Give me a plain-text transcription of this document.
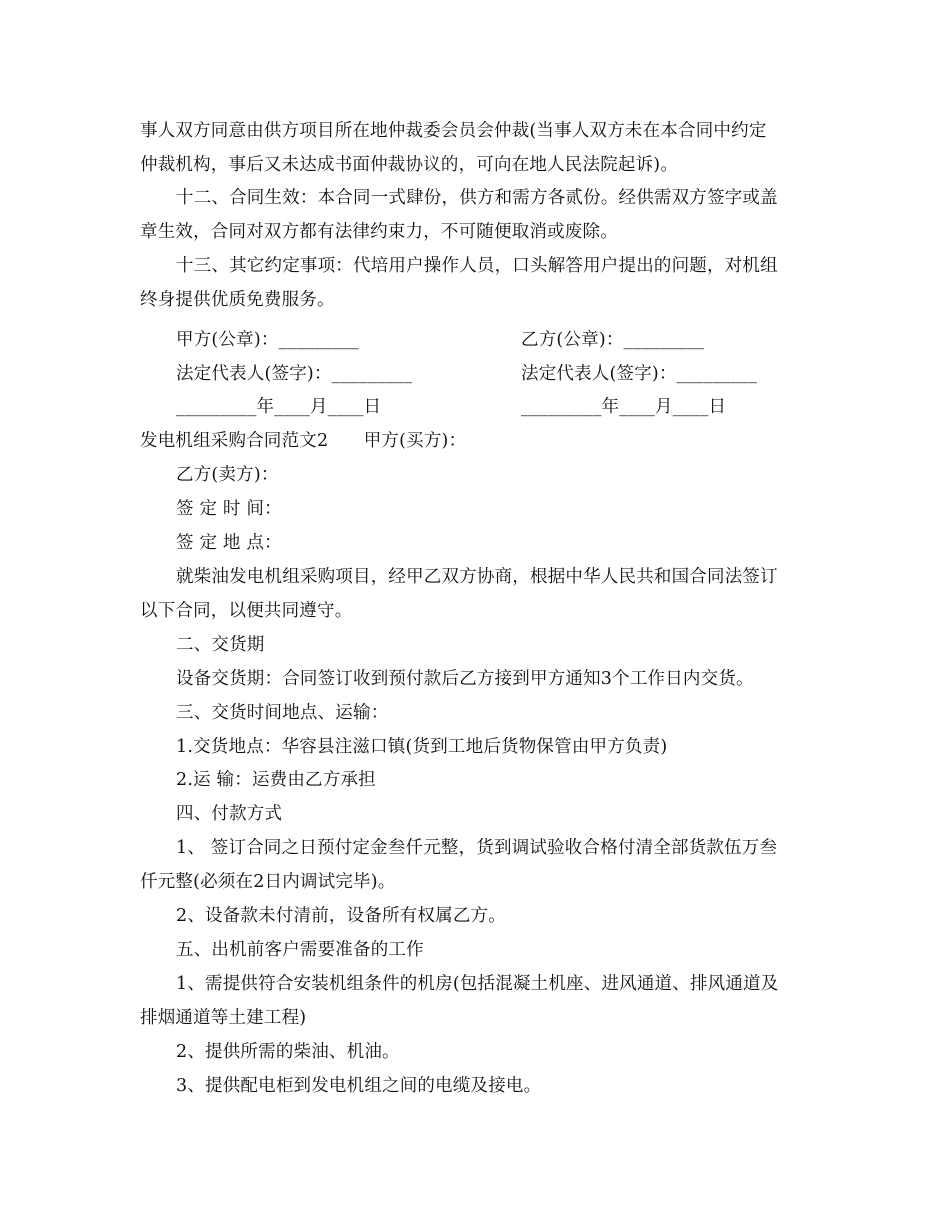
事人双方同意由供方项目所在地仲裁委会员会仲裁(当事人双方未在本合同中约定
仲裁机构，事后又未达成书面仲裁协议的，可向在地人民法院起诉)。
十二、合同生效：本合同一式肆份，供方和需方各贰份。经供需双方签字或盖
章生效，合同对双方都有法律约束力，不可随便取消或废除。
十三、其它约定事项：代培用户操作人员，口头解答用户提出的问题，对机组
终身提供优质免费服务。
甲方(公章)：_________	乙方(公章)：_________
法定代表人(签字)：_________	法定代表人(签字)：_________
_________年____月____日	_________年____月____日
发电机组采购合同范文2　　甲方(买方)：
乙方(卖方)：
签 定 时 间：
签 定 地 点：
就柴油发电机组采购项目，经甲乙双方协商，根据中华人民共和国合同法签订
以下合同，以便共同遵守。
二、交货期
设备交货期：合同签订收到预付款后乙方接到甲方通知3个工作日内交货。
三、交货时间地点、运输：
1.交货地点：华容县注滋口镇(货到工地后货物保管由甲方负责)
2.运 输：运费由乙方承担
四、付款方式
1、 签订合同之日预付定金叁仟元整，货到调试验收合格付清全部货款伍万叁
仟元整(必须在2日内调试完毕)。
2、设备款未付清前，设备所有权属乙方。
五、出机前客户需要准备的工作
1、需提供符合安装机组条件的机房(包括混凝土机座、进风通道、排风通道及
排烟通道等土建工程)
2、提供所需的柴油、机油。
3、提供配电柜到发电机组之间的电缆及接电。
